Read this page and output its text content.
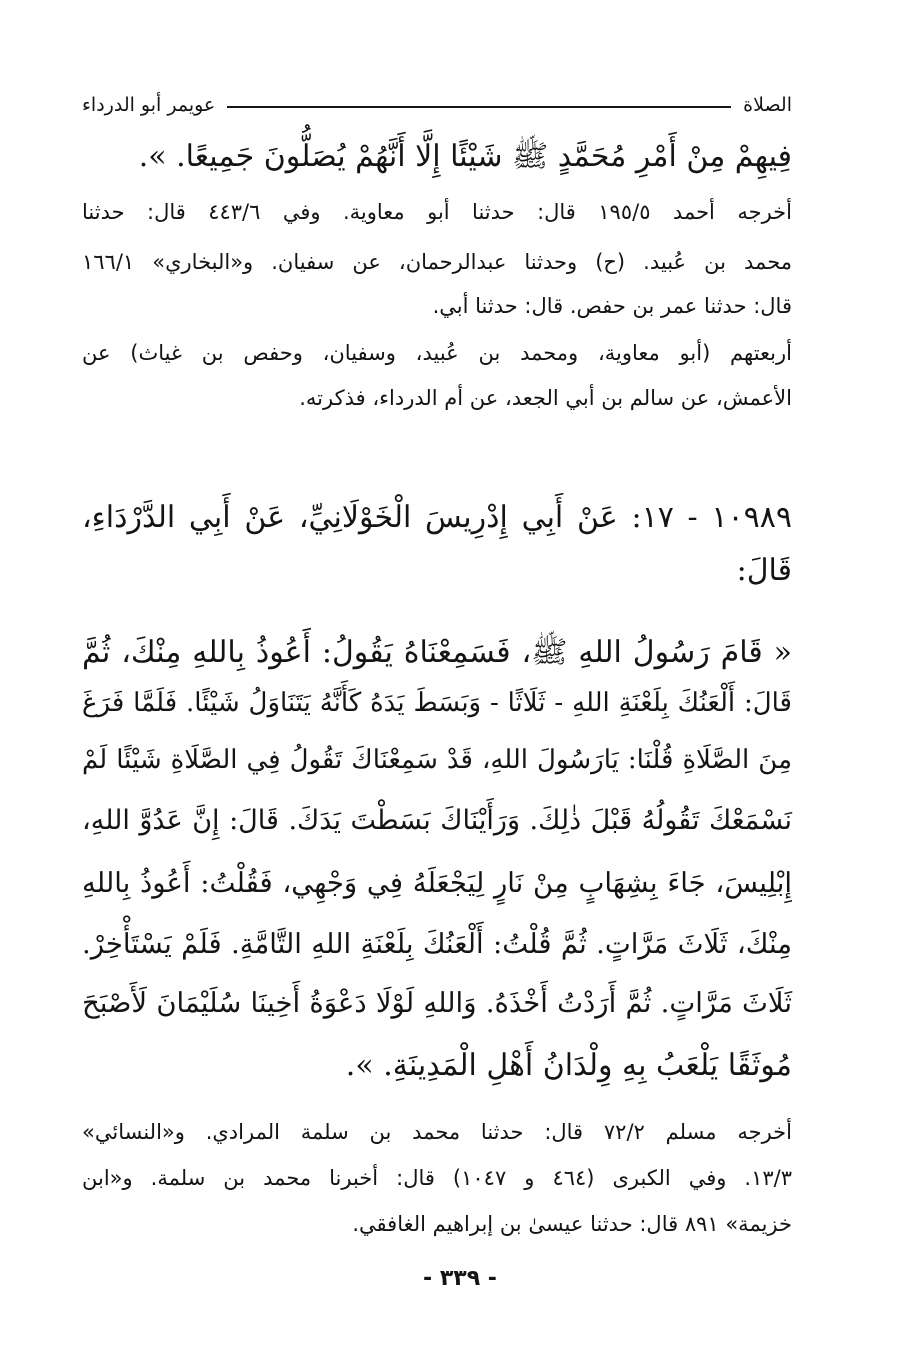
الصلاة
عويمر أبو الدرداء
فِيهِمْ مِنْ أَمْرِ مُحَمَّدٍ ﷺ شَيْئًا إِلَّا أَنَّهُمْ يُصَلُّونَ جَمِيعًا. ».
أخرجه أحمد ١٩٥/٥ قال: حدثنا أبو معاوية. وفي ٤٤٣/٦ قال: حدثنا
محمد بن عُبيد. (ح) وحدثنا عبدالرحمان، عن سفيان. و«البخاري» ١٦٦/١
قال: حدثنا عمر بن حفص. قال: حدثنا أبي.
أربعتهم (أبو معاوية، ومحمد بن عُبيد، وسفيان، وحفص بن غياث) عن
الأعمش، عن سالم بن أبي الجعد، عن أم الدرداء، فذكرته.
١٠٩٨٩ - ١٧: عَنْ أَبِي إِدْرِيسَ الْخَوْلَانِيِّ، عَنْ أَبِي الدَّرْدَاءِ،
قَالَ:
« قَامَ رَسُولُ اللهِ ﷺ، فَسَمِعْنَاهُ يَقُولُ: أَعُوذُ بِاللهِ مِنْكَ، ثُمَّ
قَالَ: أَلْعَنُكَ بِلَعْنَةِ اللهِ - ثَلَاثًا - وَبَسَطَ يَدَهُ كَأَنَّهُ يَتَنَاوَلُ شَيْئًا. فَلَمَّا فَرَغَ
مِنَ الصَّلَاةِ قُلْنَا: يَارَسُولَ اللهِ، قَدْ سَمِعْنَاكَ تَقُولُ فِي الصَّلَاةِ شَيْئًا لَمْ
نَسْمَعْكَ تَقُولُهُ قَبْلَ ذٰلِكَ. وَرَأَيْنَاكَ بَسَطْتَ يَدَكَ. قَالَ: إِنَّ عَدُوَّ اللهِ،
إِبْلِيسَ، جَاءَ بِشِهَابٍ مِنْ نَارٍ لِيَجْعَلَهُ فِي وَجْهِي، فَقُلْتُ: أَعُوذُ بِاللهِ
مِنْكَ، ثَلَاثَ مَرَّاتٍ. ثُمَّ قُلْتُ: أَلْعَنُكَ بِلَعْنَةِ اللهِ التَّامَّةِ. فَلَمْ يَسْتَأْخِرْ.
ثَلَاثَ مَرَّاتٍ. ثُمَّ أَرَدْتُ أَخْذَهُ. وَاللهِ لَوْلَا دَعْوَةُ أَخِينَا سُلَيْمَانَ لَأَصْبَحَ
مُوثَقًا يَلْعَبُ بِهِ وِلْدَانُ أَهْلِ الْمَدِينَةِ. ».
أخرجه مسلم ٧٢/٢ قال: حدثنا محمد بن سلمة المرادي. و«النسائي»
١٣/٣. وفي الكبرى (٤٦٤ و ١٠٤٧) قال: أخبرنا محمد بن سلمة. و«ابن
خزيمة» ٨٩١ قال: حدثنا عيسىٰ بن إبراهيم الغافقي.
- ٣٣٩ -
